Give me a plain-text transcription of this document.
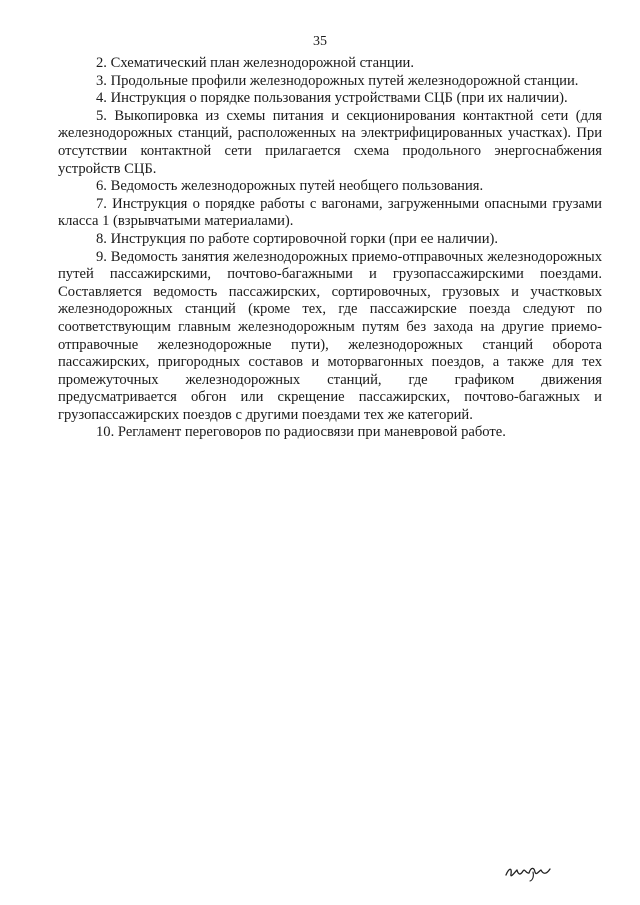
35

2. Схематический план железнодорожной станции.

3. Продольные профили железнодорожных путей железнодорожной станции.

4. Инструкция о порядке пользования устройствами СЦБ (при их наличии).

5. Выкопировка из схемы питания и секционирования контактной сети (для железнодорожных станций, расположенных на электрифицированных участках). При отсутствии контактной сети прилагается схема продольного энергоснабжения устройств СЦБ.

6. Ведомость железнодорожных путей необщего пользования.

7. Инструкция о порядке работы с вагонами, загруженными опасными грузами класса 1 (взрывчатыми материалами).

8. Инструкция по работе сортировочной горки (при ее наличии).

9. Ведомость занятия железнодорожных приемо-отправочных железнодорожных путей пассажирскими, почтово-багажными и грузопассажирскими поездами. Составляется ведомость пассажирских, сортировочных, грузовых и участковых железнодорожных станций (кроме тех, где пассажирские поезда следуют по соответствующим главным железнодорожным путям без захода на другие приемо-отправочные железнодорожные пути), железнодорожных станций оборота пассажирских, пригородных составов и моторвагонных поездов, а также для тех промежуточных железнодорожных станций, где графиком движения предусматривается обгон или скрещение пассажирских, почтово-багажных и грузопассажирских поездов с другими поездами тех же категорий.

10. Регламент переговоров по радиосвязи при маневровой работе.
